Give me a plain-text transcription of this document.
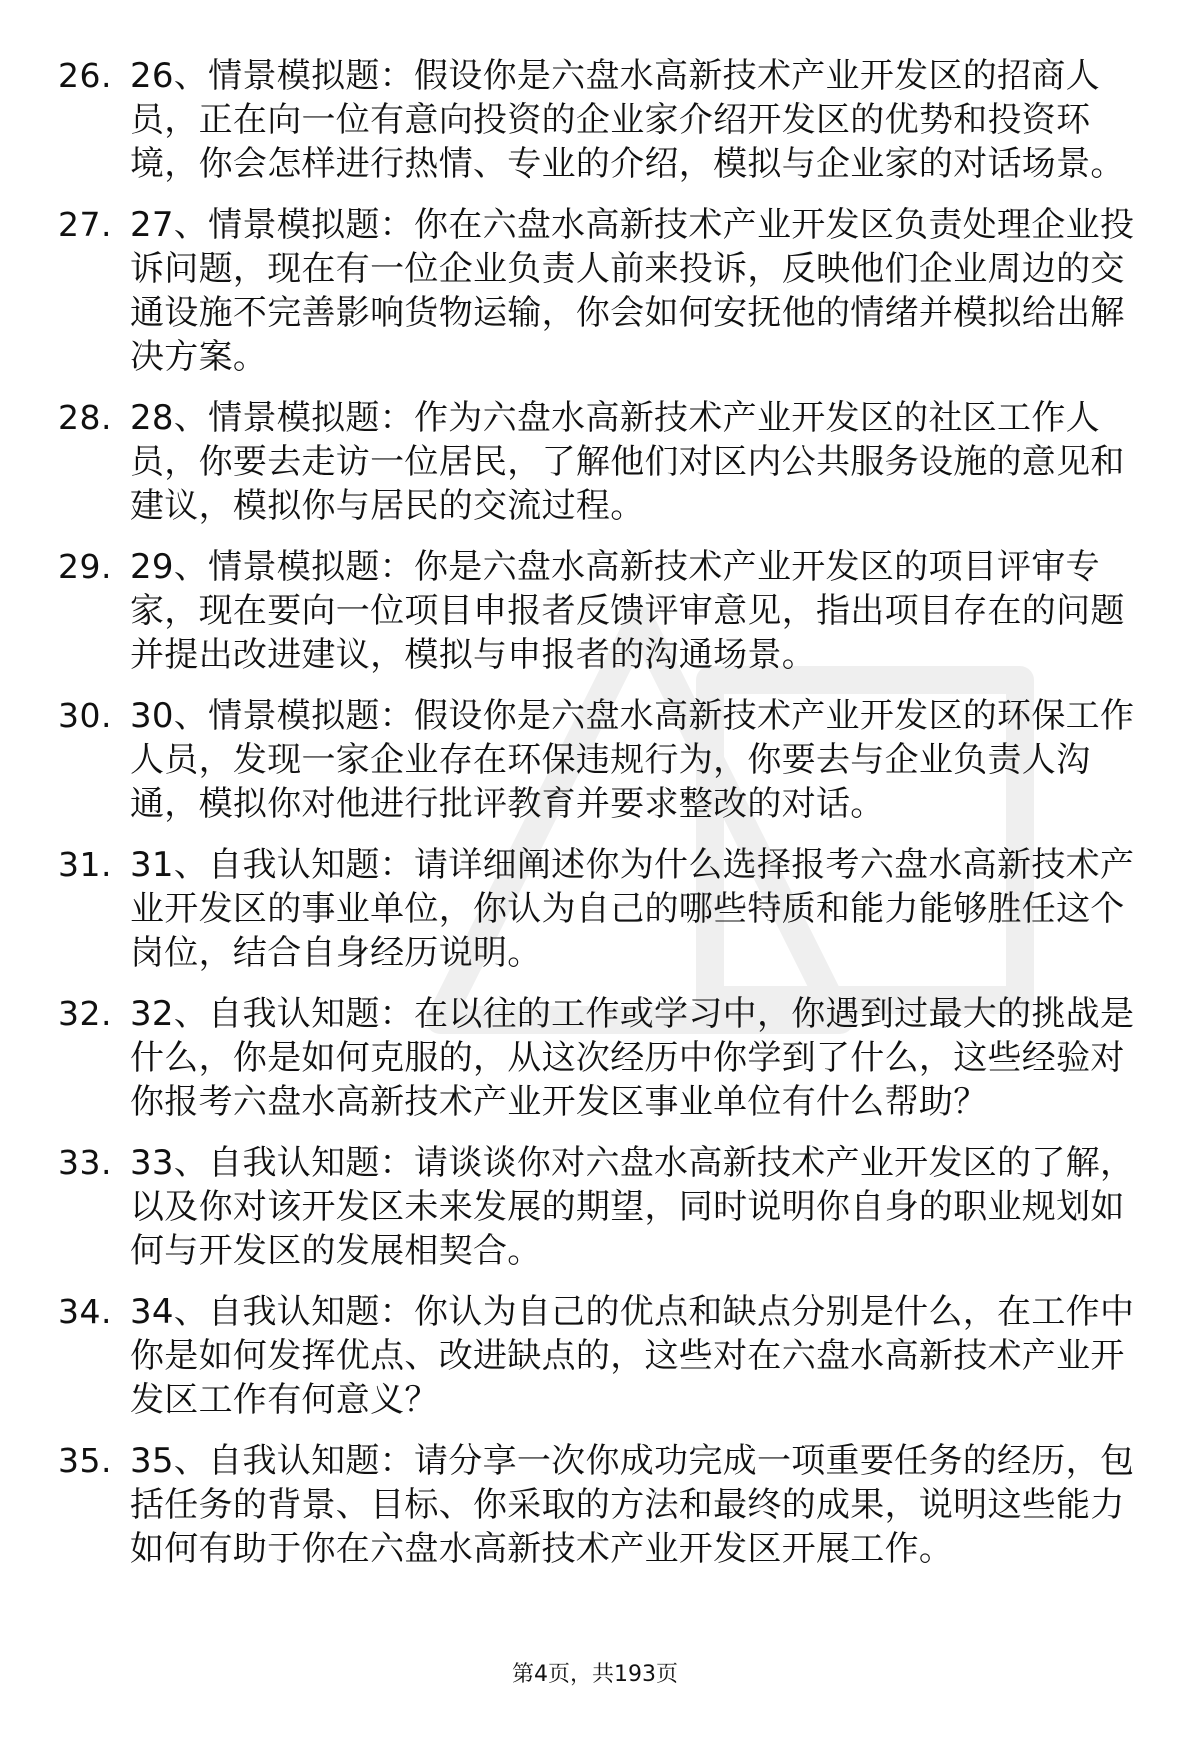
26. 26、情景模拟题：假设你是六盘水高新技术产业开发区的招商人员，正在向一位有意向投资的企业家介绍开发区的优势和投资环境，你会怎样进行热情、专业的介绍，模拟与企业家的对话场景。
27. 27、情景模拟题：你在六盘水高新技术产业开发区负责处理企业投诉问题，现在有一位企业负责人前来投诉，反映他们企业周边的交通设施不完善影响货物运输，你会如何安抚他的情绪并模拟给出解决方案。
28. 28、情景模拟题：作为六盘水高新技术产业开发区的社区工作人员，你要去走访一位居民，了解他们对区内公共服务设施的意见和建议，模拟你与居民的交流过程。
29. 29、情景模拟题：你是六盘水高新技术产业开发区的项目评审专家，现在要向一位项目申报者反馈评审意见，指出项目存在的问题并提出改进建议，模拟与申报者的沟通场景。
30. 30、情景模拟题：假设你是六盘水高新技术产业开发区的环保工作人员，发现一家企业存在环保违规行为，你要去与企业负责人沟通，模拟你对他进行批评教育并要求整改的对话。
31. 31、自我认知题：请详细阐述你为什么选择报考六盘水高新技术产业开发区的事业单位，你认为自己的哪些特质和能力能够胜任这个岗位，结合自身经历说明。
32. 32、自我认知题：在以往的工作或学习中，你遇到过最大的挑战是什么，你是如何克服的，从这次经历中你学到了什么，这些经验对你报考六盘水高新技术产业开发区事业单位有什么帮助？
33. 33、自我认知题：请谈谈你对六盘水高新技术产业开发区的了解，以及你对该开发区未来发展的期望，同时说明你自身的职业规划如何与开发区的发展相契合。
34. 34、自我认知题：你认为自己的优点和缺点分别是什么，在工作中你是如何发挥优点、改进缺点的，这些对在六盘水高新技术产业开发区工作有何意义？
35. 35、自我认知题：请分享一次你成功完成一项重要任务的经历，包括任务的背景、目标、你采取的方法和最终的成果，说明这些能力如何有助于你在六盘水高新技术产业开发区开展工作。
第4页，共193页
